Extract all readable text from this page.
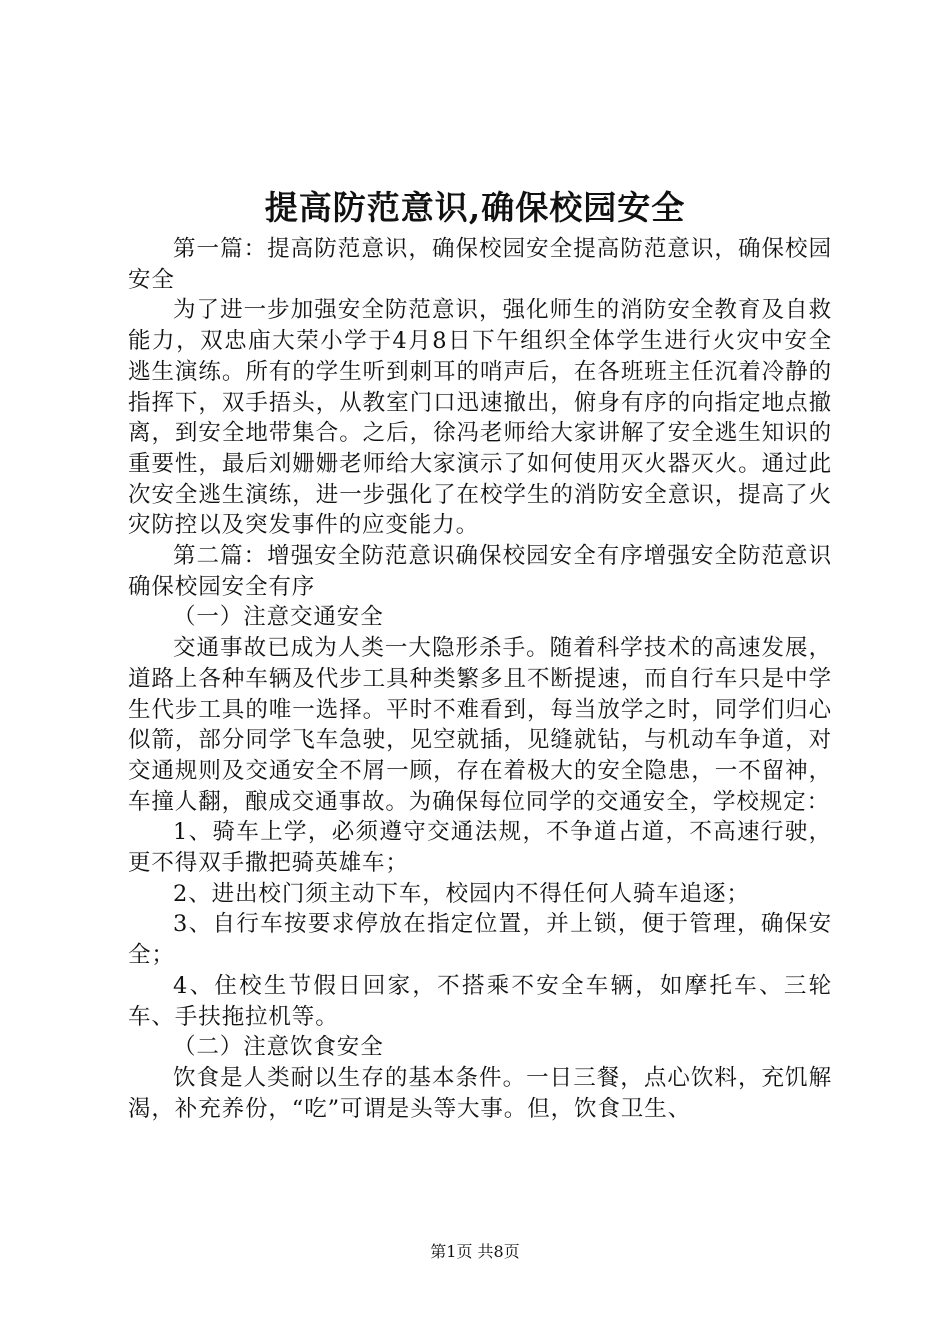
提高防范意识,确保校园安全

第一篇：提高防范意识，确保校园安全提高防范意识，确保校园安全

为了进一步加强安全防范意识，强化师生的消防安全教育及自救能力，双忠庙大荣小学于4月8日下午组织全体学生进行火灾中安全逃生演练。所有的学生听到刺耳的哨声后，在各班班主任沉着冷静的指挥下，双手捂头，从教室门口迅速撤出，俯身有序的向指定地点撤离，到安全地带集合。之后，徐冯老师给大家讲解了安全逃生知识的重要性，最后刘姗姗老师给大家演示了如何使用灭火器灭火。通过此次安全逃生演练，进一步强化了在校学生的消防安全意识，提高了火灾防控以及突发事件的应变能力。

第二篇：增强安全防范意识确保校园安全有序增强安全防范意识确保校园安全有序

（一）注意交通安全

交通事故已成为人类一大隐形杀手。随着科学技术的高速发展，道路上各种车辆及代步工具种类繁多且不断提速，而自行车只是中学生代步工具的唯一选择。平时不难看到，每当放学之时，同学们归心似箭，部分同学飞车急驶，见空就插，见缝就钻，与机动车争道，对交通规则及交通安全不屑一顾，存在着极大的安全隐患，一不留神，车撞人翻，酿成交通事故。为确保每位同学的交通安全，学校规定：

1、骑车上学，必须遵守交通法规，不争道占道，不高速行驶，更不得双手撒把骑英雄车；

2、进出校门须主动下车，校园内不得任何人骑车追逐；

3、自行车按要求停放在指定位置，并上锁，便于管理，确保安全；

4、住校生节假日回家，不搭乘不安全车辆，如摩托车、三轮车、手扶拖拉机等。

（二）注意饮食安全

饮食是人类耐以生存的基本条件。一日三餐，点心饮料，充饥解渴，补充养份，“吃”可谓是头等大事。但，饮食卫生、

第1页 共8页
